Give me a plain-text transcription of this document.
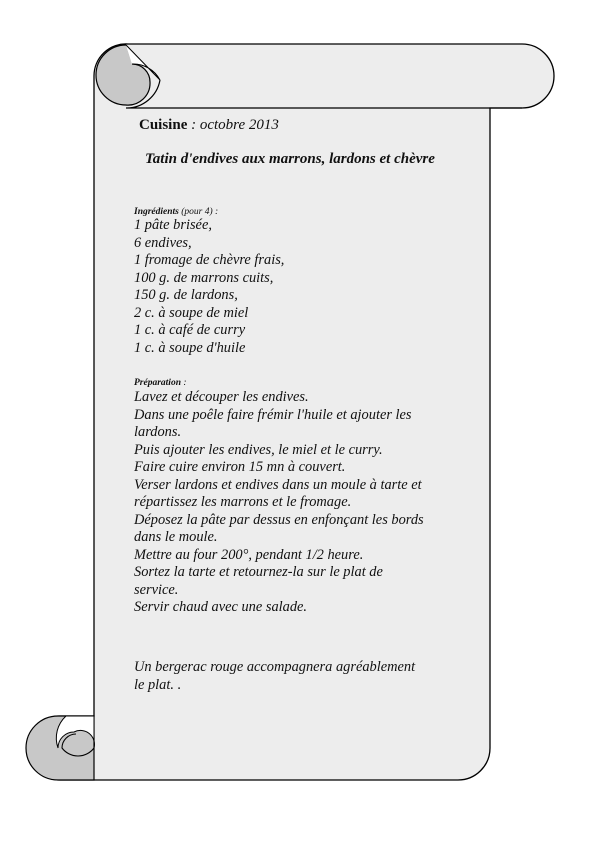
Cuisine : octobre 2013
Tatin d'endives aux marrons, lardons et chèvre
Ingrédients (pour 4) :
1 pâte brisée,
6 endives,
1 fromage de chèvre frais,
100 g. de marrons cuits,
150 g. de lardons,
2 c. à soupe de miel
1 c. à café de curry
1 c. à soupe d'huile
Préparation :
Lavez et découper les endives.
Dans une poêle faire frémir l'huile et ajouter les
lardons.
Puis ajouter les endives, le miel et le curry.
Faire cuire environ 15 mn à couvert.
Verser lardons et endives dans un moule à tarte et
répartissez les marrons et le fromage.
Déposez la pâte par dessus en enfonçant les bords
dans le moule.
Mettre au four 200°, pendant 1/2 heure.
Sortez la tarte et retournez-la sur le plat de
service.
Servir chaud avec une salade.
Un bergerac rouge accompagnera agréablement
le plat. .
